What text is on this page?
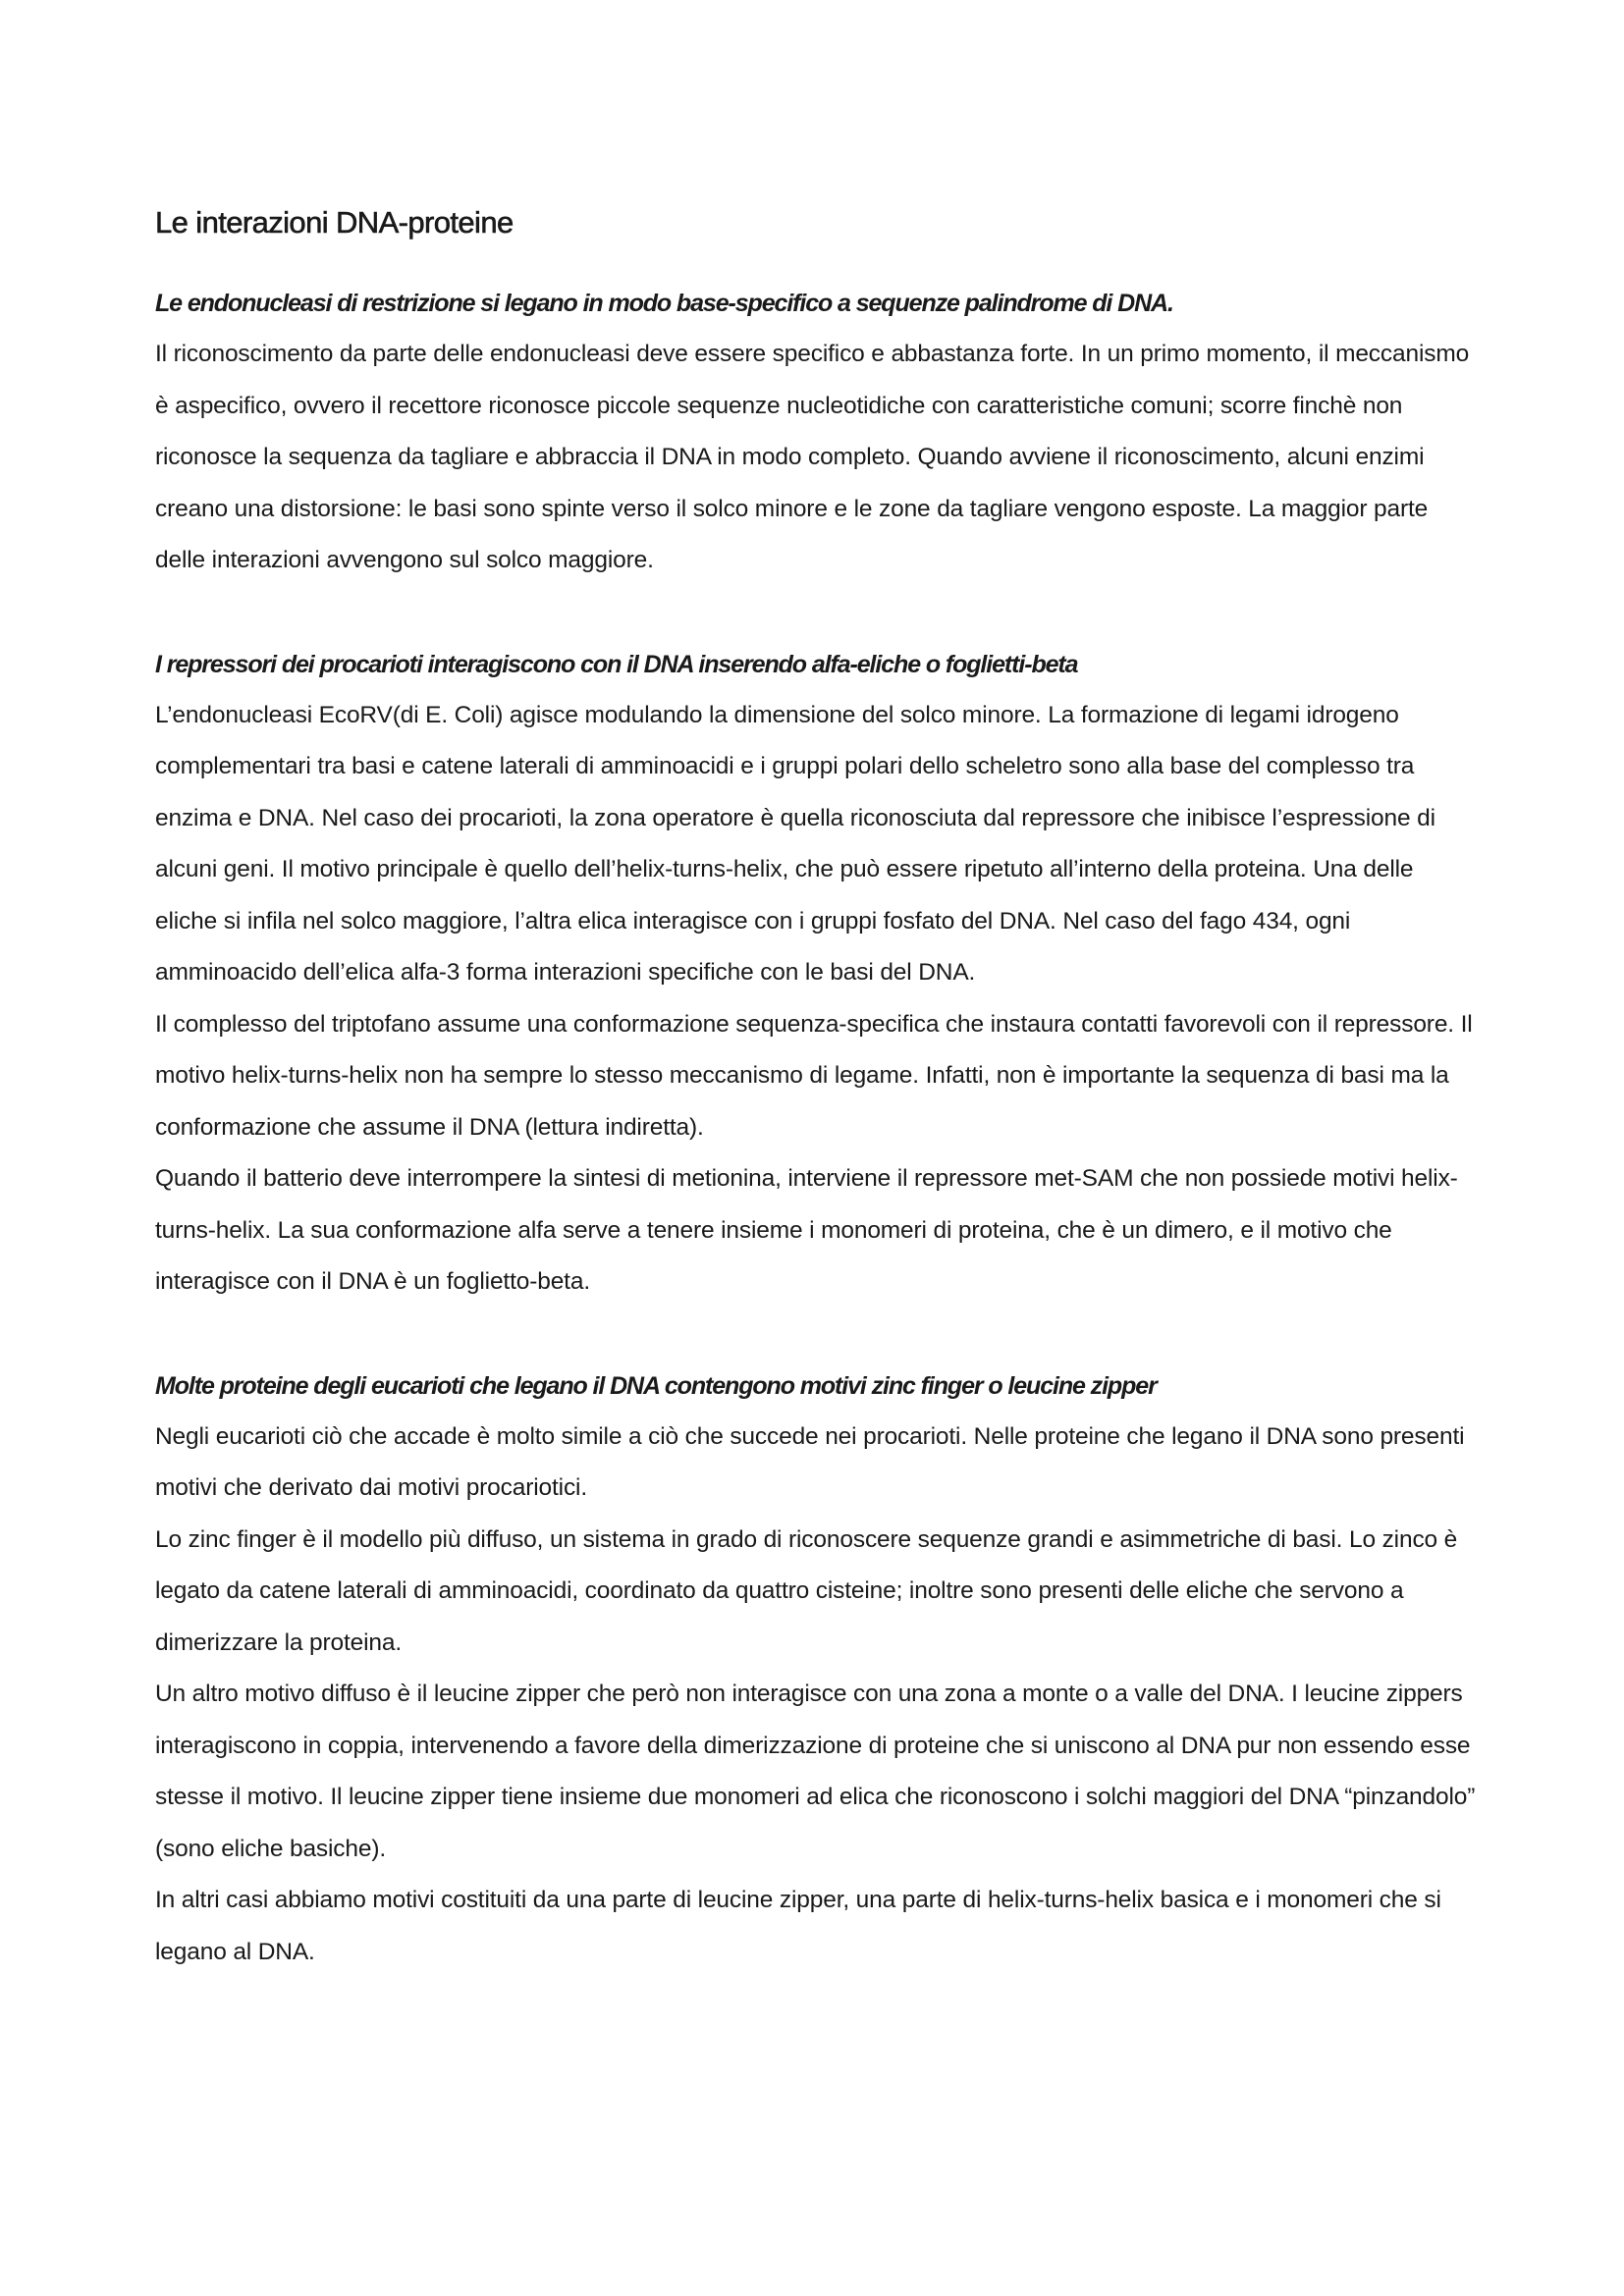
Le interazioni DNA-proteine

Le endonucleasi di restrizione si legano in modo base-specifico a sequenze palindrome di DNA.

Il riconoscimento da parte delle endonucleasi deve essere specifico e abbastanza forte. In un primo momento, il meccanismo è aspecifico, ovvero il recettore riconosce piccole sequenze nucleotidiche con caratteristiche comuni; scorre finchè non riconosce la sequenza da tagliare e abbraccia il DNA in modo completo. Quando avviene il riconoscimento, alcuni enzimi creano una distorsione: le basi sono spinte verso il solco minore e le zone da tagliare vengono esposte. La maggior parte delle interazioni avvengono sul solco maggiore.

I repressori dei procarioti interagiscono con il DNA inserendo alfa-eliche o foglietti-beta

L’endonucleasi EcoRV(di E. Coli) agisce modulando la dimensione del solco minore. La formazione di legami idrogeno complementari tra basi e catene laterali di amminoacidi e i gruppi polari dello scheletro sono alla base del complesso tra enzima e DNA. Nel caso dei procarioti, la zona operatore è quella riconosciuta dal repressore che inibisce l’espressione di alcuni geni. Il motivo principale è quello dell’helix-turns-helix, che può essere ripetuto all’interno della proteina. Una delle eliche si infila nel solco maggiore, l’altra elica interagisce con i gruppi fosfato del DNA. Nel caso del fago 434, ogni amminoacido dell’elica alfa-3 forma interazioni specifiche con le basi del DNA.

Il complesso del triptofano assume una conformazione sequenza-specifica che instaura contatti favorevoli con il repressore. Il motivo helix-turns-helix non ha sempre lo stesso meccanismo di legame. Infatti, non è importante la sequenza di basi ma la conformazione che assume il DNA (lettura indiretta).

Quando il batterio deve interrompere la sintesi di metionina, interviene il repressore met-SAM che non possiede motivi helix-turns-helix. La sua conformazione alfa serve a tenere insieme i monomeri di proteina, che è un dimero, e il motivo che interagisce con il DNA è un foglietto-beta.

Molte proteine degli eucarioti che legano il DNA contengono motivi zinc finger o leucine zipper

Negli eucarioti ciò che accade è molto simile a ciò che succede nei procarioti. Nelle proteine che legano il DNA sono presenti motivi che derivato dai motivi procariotici.

Lo zinc finger è il modello più diffuso, un sistema in grado di riconoscere sequenze grandi e asimmetriche di basi. Lo zinco è legato da catene laterali di amminoacidi, coordinato da quattro cisteine; inoltre sono presenti delle eliche che servono a dimerizzare la proteina.

Un altro motivo diffuso è il leucine zipper che però non interagisce con una zona a monte o a valle del DNA. I leucine zippers interagiscono in coppia, intervenendo a favore della dimerizzazione di proteine che si uniscono al DNA pur non essendo esse stesse il motivo. Il leucine zipper tiene insieme due monomeri ad elica che riconoscono i solchi maggiori del DNA “pinzandolo” (sono eliche basiche).

In altri casi abbiamo motivi costituiti da una parte di leucine zipper, una parte di helix-turns-helix basica e i monomeri che si legano al DNA.
